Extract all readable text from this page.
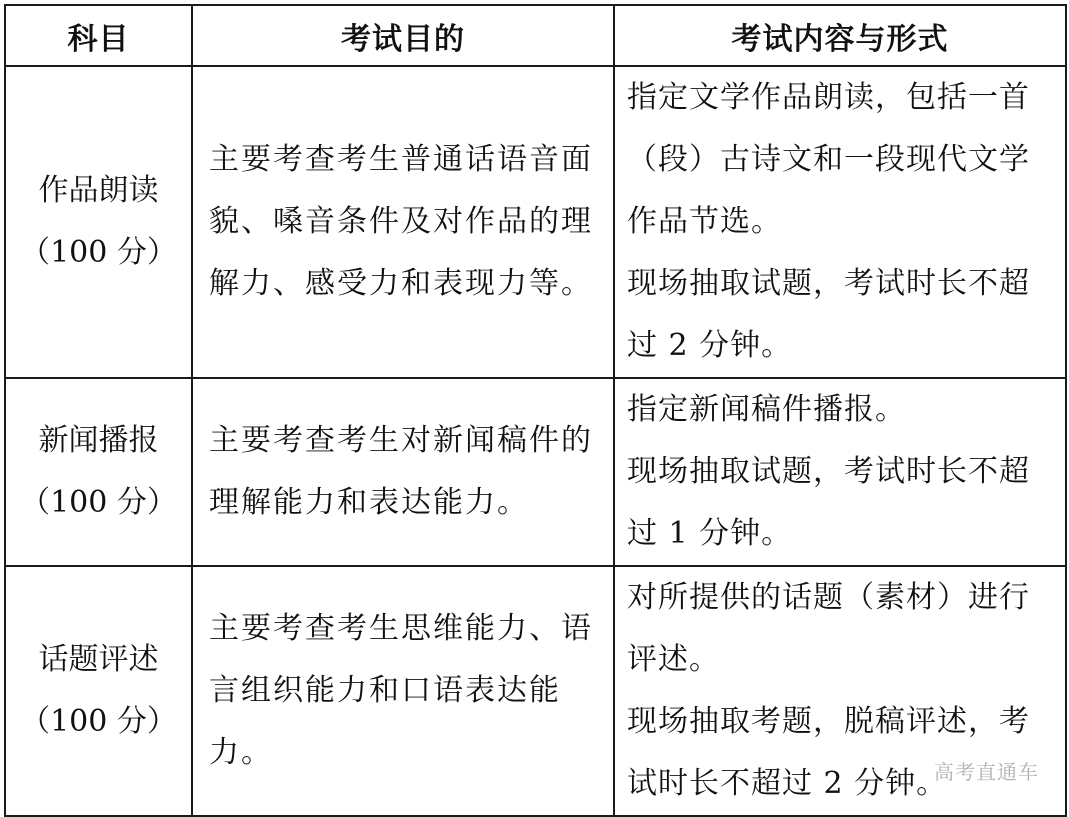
科目	考试目的	考试内容与形式

作品朗读
（100 分）	主要考查考生普通话语音面貌、嗓音条件及对作品的理解力、感受力和表现力等。	指定文学作品朗读，包括一首（段）古诗文和一段现代文学作品节选。
现场抽取试题，考试时长不超过 2 分钟。

新闻播报
（100 分）	主要考查考生对新闻稿件的理解能力和表达能力。	指定新闻稿件播报。
现场抽取试题，考试时长不超过 1 分钟。

话题评述
（100 分）	主要考查考生思维能力、语言组织能力和口语表达能力。	对所提供的话题（素材）进行评述。
现场抽取考题，脱稿评述，考试时长不超过 2 分钟。
高考直通车
